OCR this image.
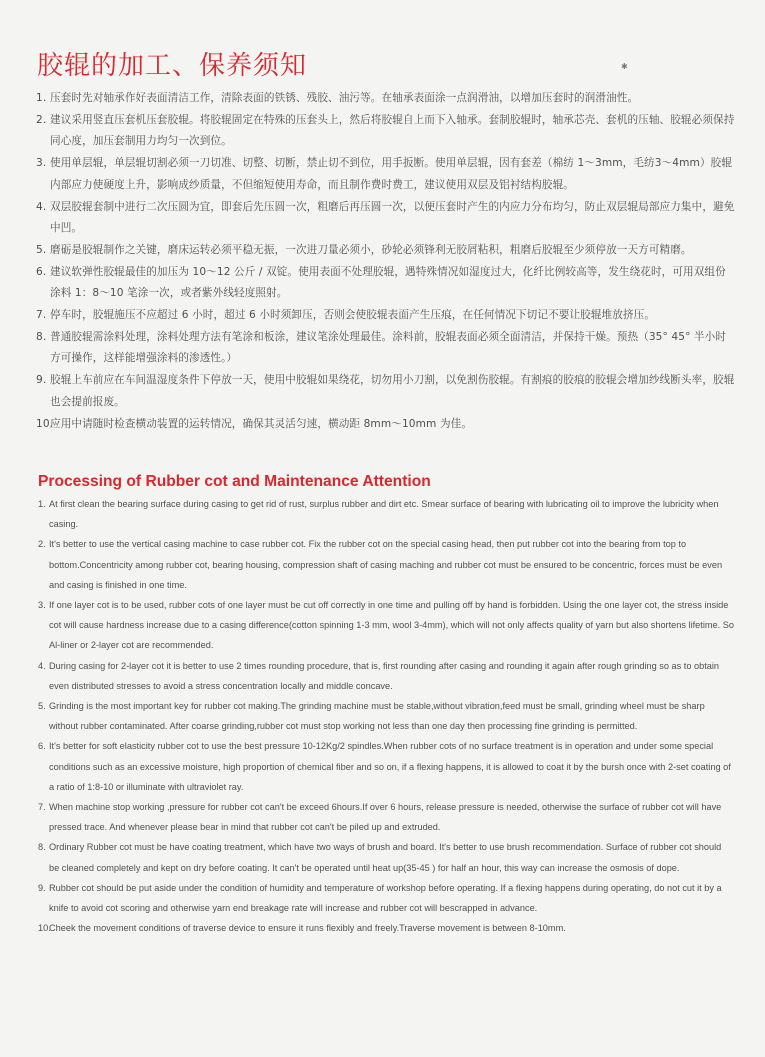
胶辊的加工、保养须知	✱
1. 压套时先对轴承作好表面清洁工作，清除表面的铁锈、残胶、油污等。在轴承表面涂一点润滑油，以增加压套时的润滑油性。
2. 建议采用竖直压套机压套胶辊。将胶辊固定在特殊的压套头上，然后将胶辊自上而下入轴承。套制胶辊时，轴承芯壳、套机的压轴、胶辊必须保持同心度，加压套制用力均匀一次到位。
3. 使用单层辊，单层辊切割必须一刀切准、切整、切断，禁止切不到位，用手扳断。使用单层辊，因有套差（棉纺 1～3mm，毛纺3～4mm）胶辊内部应力使硬度上升，影响成纱质量，不但缩短使用寿命，而且制作费时费工，建议使用双层及铝衬结构胶辊。
4. 双层胶辊套制中进行二次压圆为宜，即套后先压圆一次，粗磨后再压圆一次，以便压套时产生的内应力分布均匀，防止双层辊局部应力集中，避免中凹。
5. 磨砺是胶辊制作之关键，磨床运转必须平稳无振，一次进刀量必须小，砂轮必须锋利无胶屑粘积，粗磨后胶辊至少须停放一天方可精磨。
6. 建议软弹性胶辊最佳的加压为 10～12 公斤 / 双锭。使用表面不处理胶辊，遇特殊情况如湿度过大，化纤比例较高等，发生绕花时，可用双组份涂料 1：8～10 笔涂一次，或者紫外线轻度照射。
7. 停车时，胶辊施压不应超过 6 小时，超过 6 小时须卸压，否则会使胶辊表面产生压痕，在任何情况下切记不要让胶辊堆放挤压。
8. 普通胶辊需涂料处理，涂料处理方法有笔涂和板涂，建议笔涂处理最佳。涂料前，胶辊表面必须全面清洁，并保持干燥。预热（35° 45° 半小时方可操作，这样能增强涂料的渗透性。）
9. 胶辊上车前应在车间温湿度条件下停放一天，使用中胶辊如果绕花，切勿用小刀割，以免割伤胶辊。有割痕的胶痕的胶辊会增加纱线断头率，胶辊也会提前报废。
10.
应用中请随时检查横动装置的运转情况，确保其灵活匀速，横动距 8mm～10mm 为佳。
Processing of Rubber cot and Maintenance Attention
1. At first clean the bearing surface during casing to get rid of rust, surplus rubber and dirt etc. Smear surface of bearing with lubricating oil to improve the lubricity when casing.
2. It's better to use the vertical casing machine to case rubber cot. Fix the rubber cot on the special casing head, then put rubber cot into the bearing from top to bottom.Concentricity among rubber cot, bearing housing, compression shaft of casing maching and rubber cot must be ensured to be concentric, forces must be even and casing is finished in one time.
3. If one layer cot is to be used, rubber cots of one layer must be cut off correctly in one time and pulling off by hand is forbidden. Using the one layer cot, the stress inside cot will cause hardness increase due to a casing difference(cotton spinning 1-3 mm, wool 3-4mm), which will not only affects quality of yarn but also shortens lifetime. So Al-liner or 2-layer cot are recommended.
4. During casing for 2-layer cot it is better to use 2 times rounding procedure, that is, first rounding after casing and rounding it again after rough grinding so as to obtain even distributed stresses to avoid a stress concentration locally and middle concave.
5. Grinding is the most important key for rubber cot making.The grinding machine must be stable,without vibration,feed must be small, grinding wheel must be sharp without rubber contaminated. After coarse grinding,rubber cot must stop working not less than one day then processing fine grinding is permitted.
6. It's better for soft elasticity rubber cot to use the best pressure 10-12Kg/2 spindles.When rubber cots of no surface treatment is in operation and under some special conditions such as an excessive moisture, high proportion of chemical fiber and so on, if a flexing happens, it is allowed to coat it by the bursh once with 2-set coating of a ratio of 1:8-10 or illuminate with ultraviolet ray.
7. When machine stop working ,pressure for rubber cot can't be exceed 6hours.If over 6 hours, release pressure is needed, otherwise the surface of rubber cot will have pressed trace. And whenever please bear in mind that rubber cot can't be piled up and extruded.
8. Ordinary Rubber cot must be have coating treatment, which have two ways of brush and board. It's better to use brush recommendation. Surface of rubber cot should be cleaned completely and kept on dry before coating. It can't be operated until heat up(35-45 ) for half an hour, this way can increase the osmosis of dope.
9. Rubber cot should be put aside under the condition of humidity and temperature of workshop before operating. If a flexing happens during operating, do not cut it by a knife to avoid cot scoring and otherwise yarn end breakage rate will increase and rubber cot will bescrapped in advance.
10.
Cheek the movement conditions of traverse device to ensure it runs flexibly and freely.Traverse movement is between 8-10mm.
